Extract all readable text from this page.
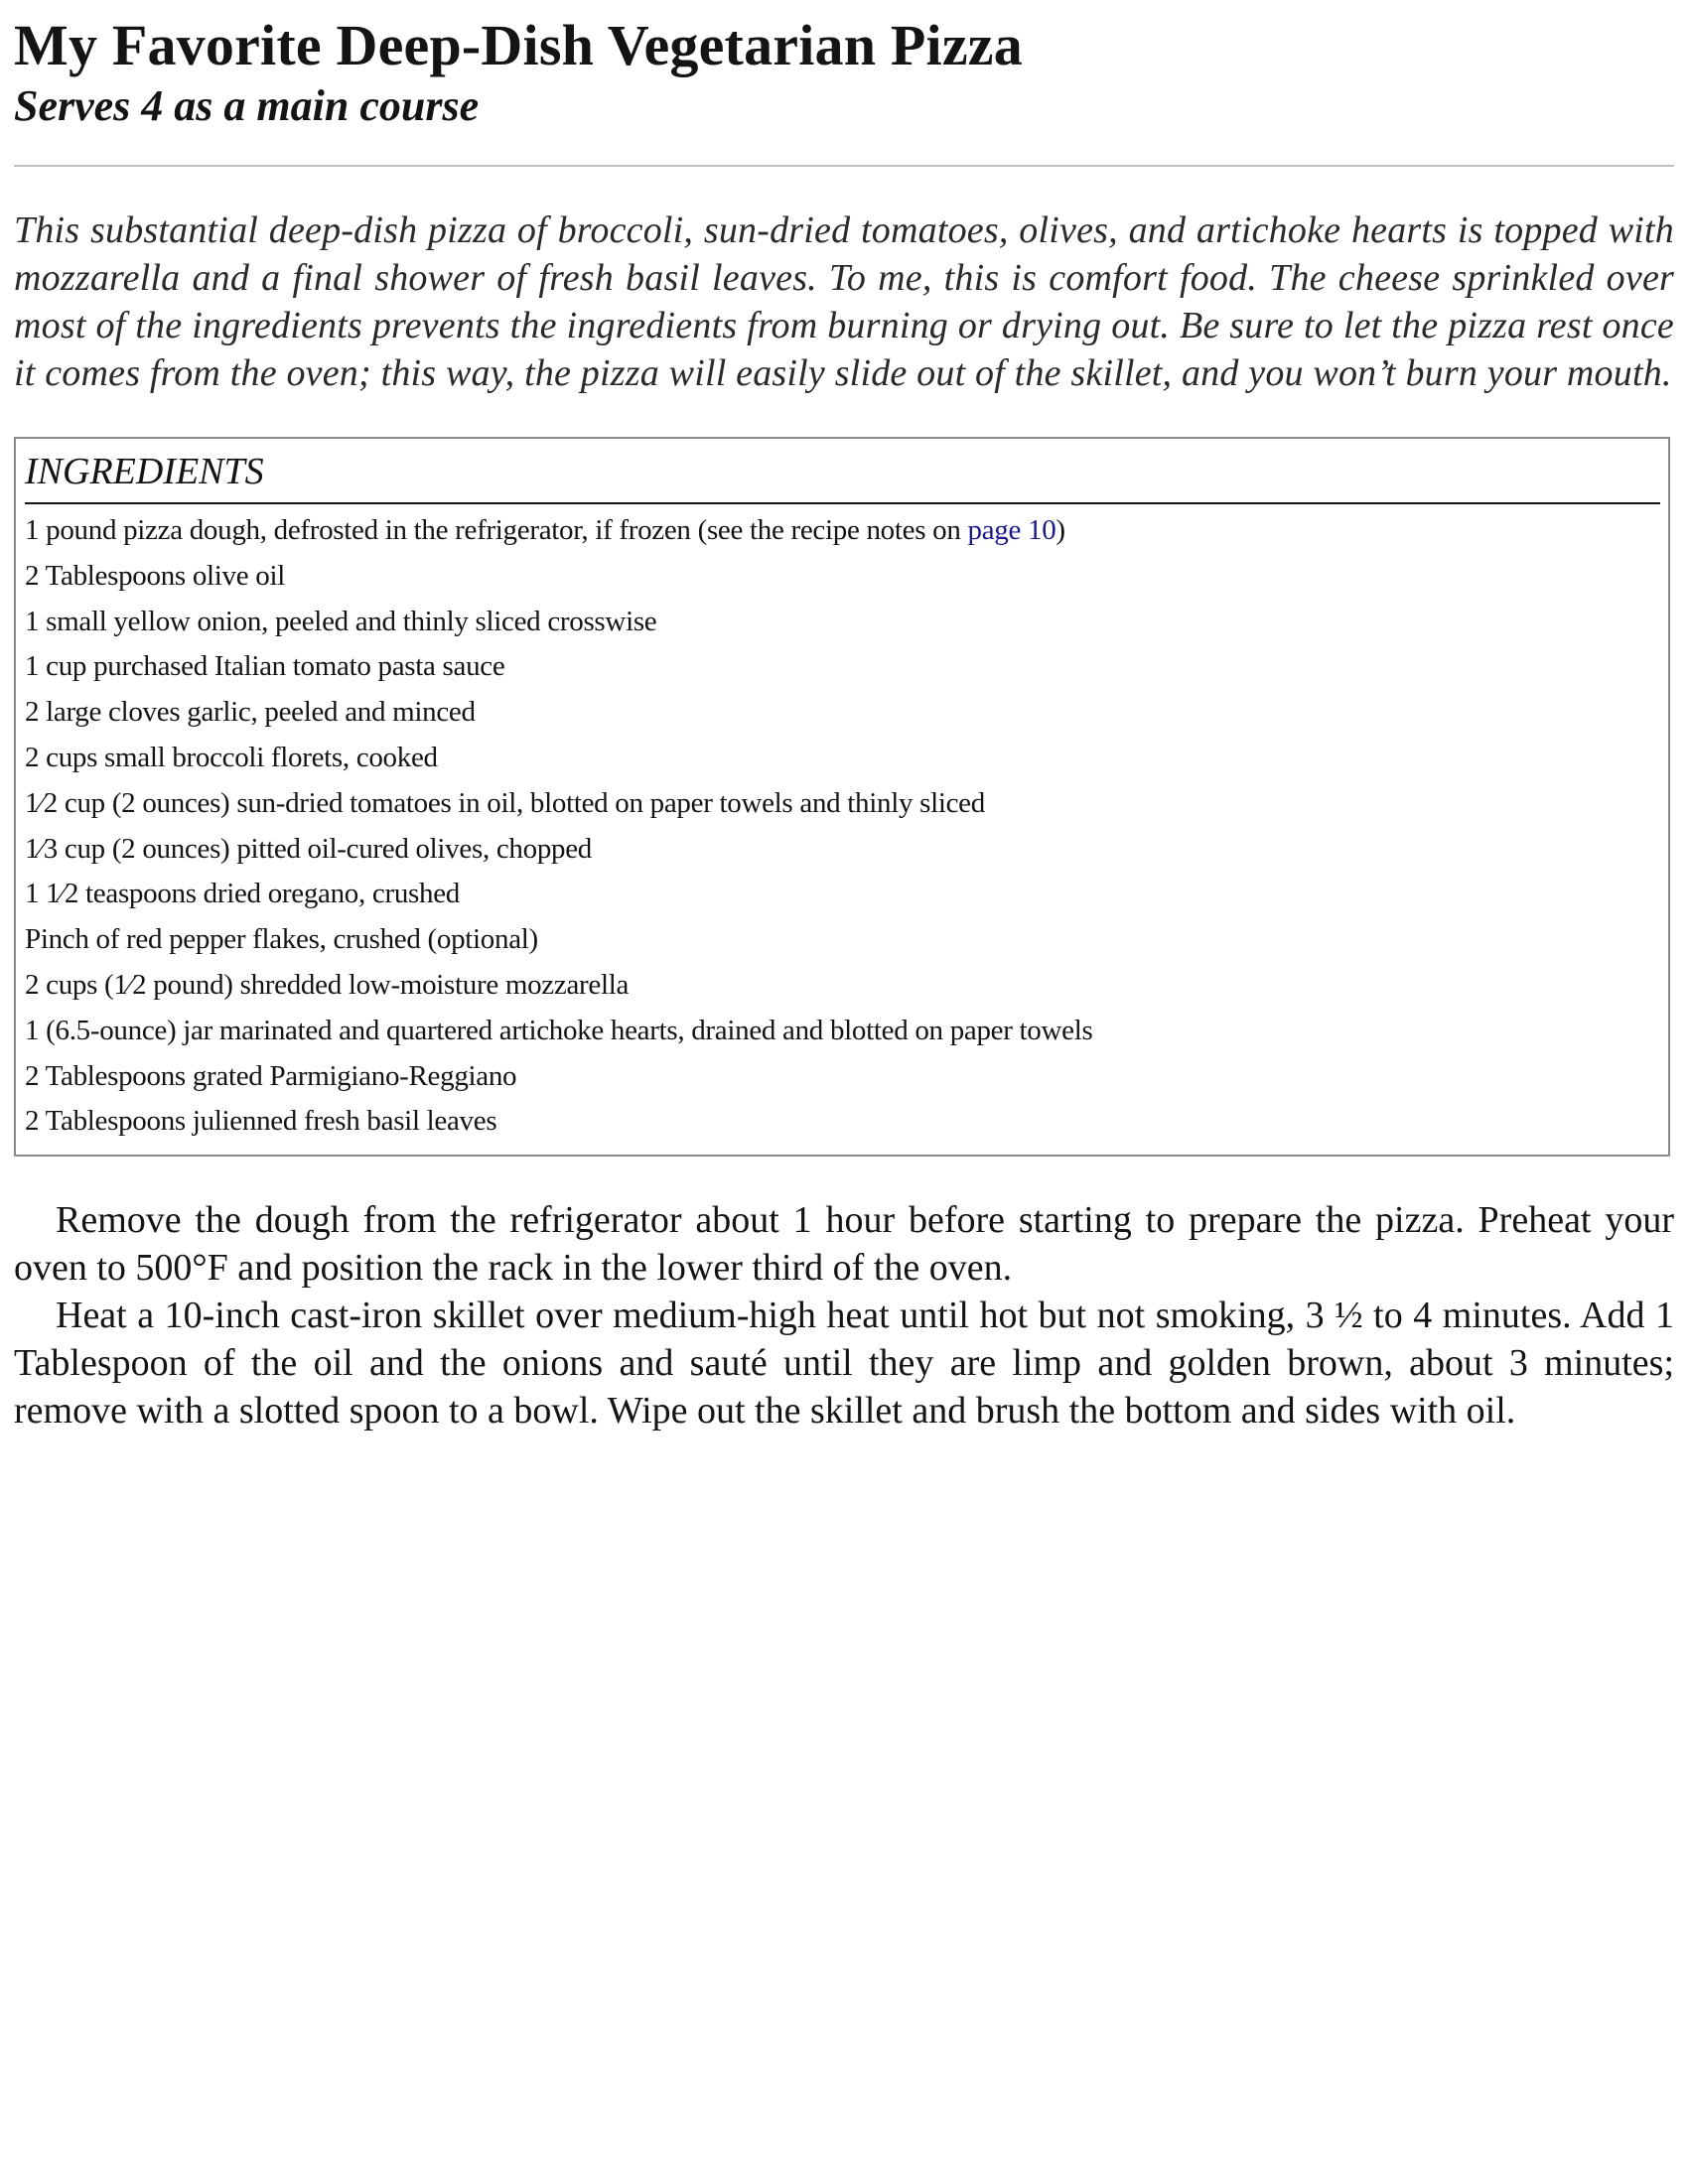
My Favorite Deep-Dish Vegetarian Pizza
Serves 4 as a main course

This substantial deep-dish pizza of broccoli, sun-dried tomatoes, olives, and artichoke hearts is topped with mozzarella and a final shower of fresh basil leaves. To me, this is comfort food. The cheese sprinkled over most of the ingredients prevents the ingredients from burning or drying out. Be sure to let the pizza rest once it comes from the oven; this way, the pizza will easily slide out of the skillet, and you won’t burn your mouth.

INGREDIENTS
1 pound pizza dough, defrosted in the refrigerator, if frozen (see the recipe notes on page 10)
2 Tablespoons olive oil
1 small yellow onion, peeled and thinly sliced crosswise
1 cup purchased Italian tomato pasta sauce
2 large cloves garlic, peeled and minced
2 cups small broccoli florets, cooked
1⁄2 cup (2 ounces) sun-dried tomatoes in oil, blotted on paper towels and thinly sliced
1⁄3 cup (2 ounces) pitted oil-cured olives, chopped
1 1⁄2 teaspoons dried oregano, crushed
Pinch of red pepper flakes, crushed (optional)
2 cups (1⁄2 pound) shredded low-moisture mozzarella
1 (6.5-ounce) jar marinated and quartered artichoke hearts, drained and blotted on paper towels
2 Tablespoons grated Parmigiano-Reggiano
2 Tablespoons julienned fresh basil leaves

Remove the dough from the refrigerator about 1 hour before starting to prepare the pizza. Preheat your oven to 500°F and position the rack in the lower third of the oven.

Heat a 10-inch cast-iron skillet over medium-high heat until hot but not smoking, 3 ½ to 4 minutes. Add 1 Tablespoon of the oil and the onions and sauté until they are limp and golden brown, about 3 minutes; remove with a slotted spoon to a bowl. Wipe out the skillet and brush the bottom and sides with oil.
